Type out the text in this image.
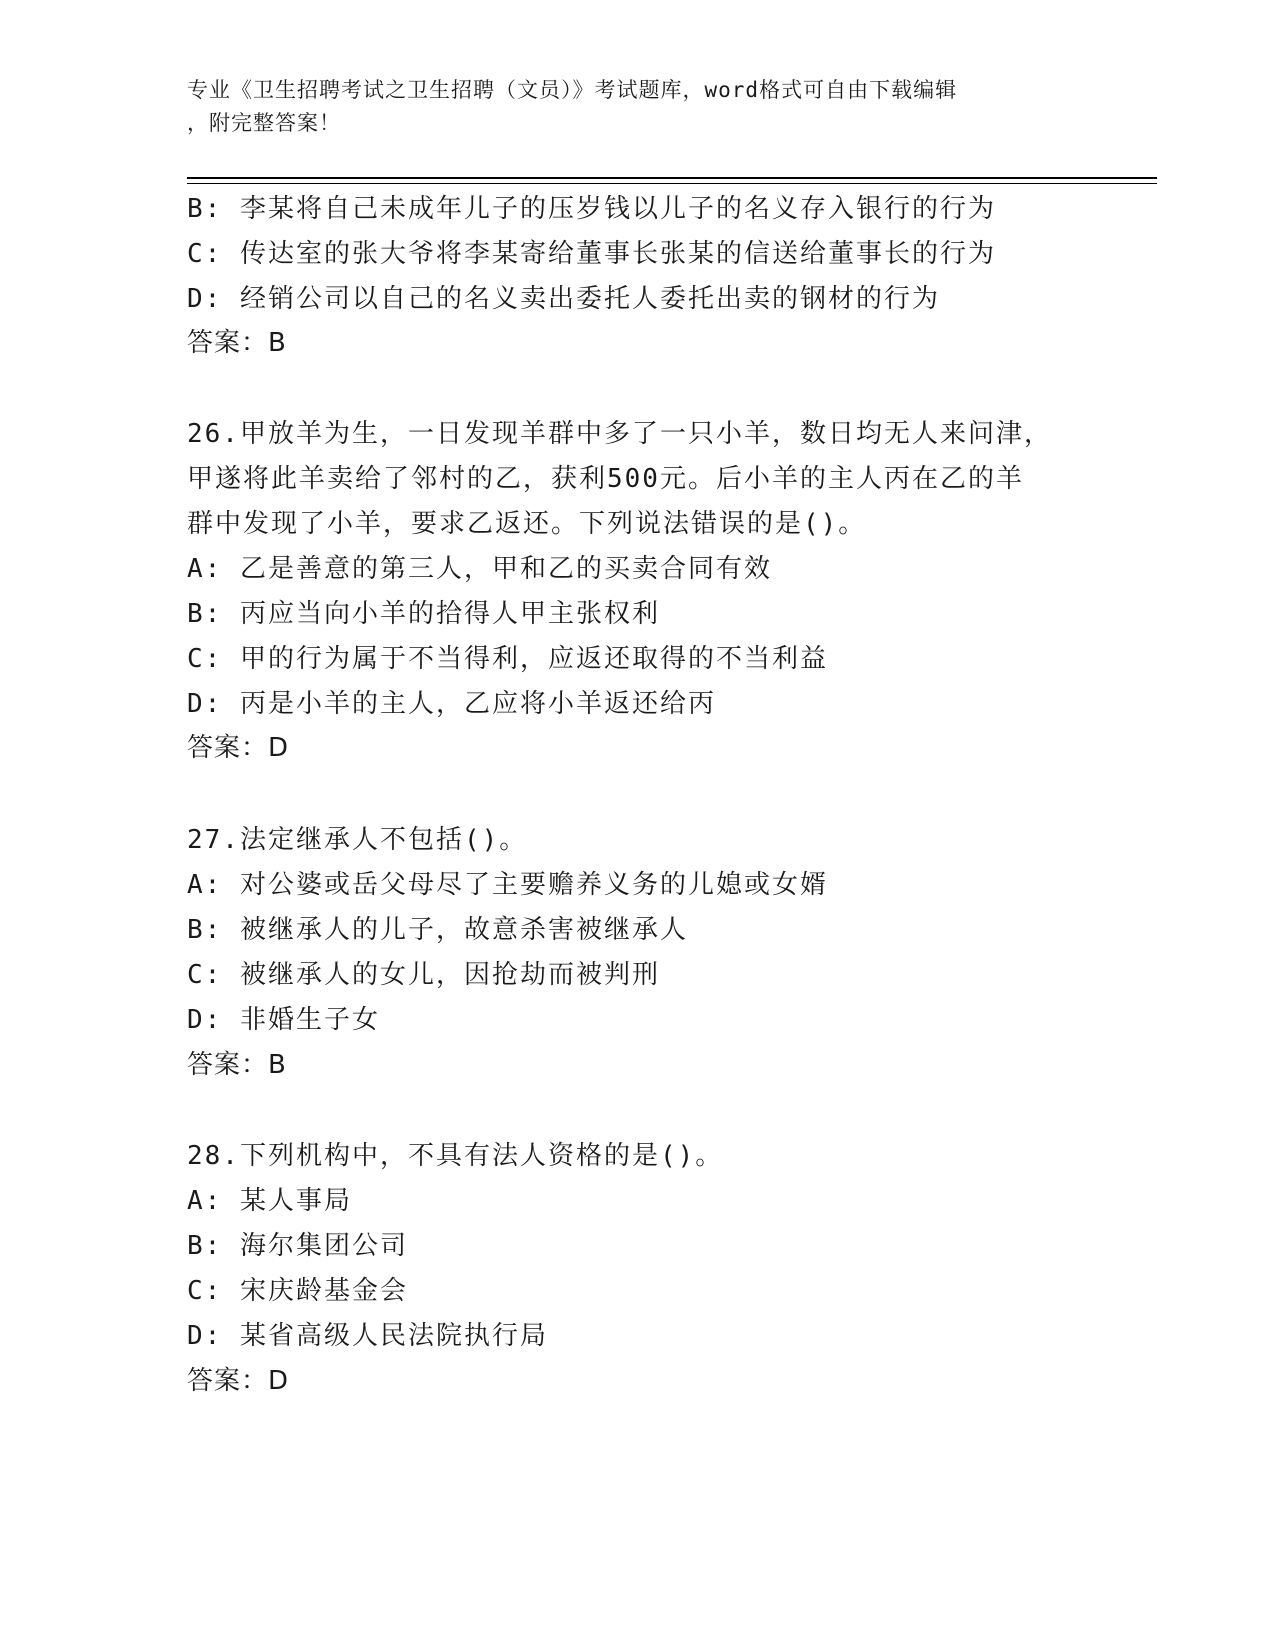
专业《卫生招聘考试之卫生招聘（文员）》考试题库，word格式可自由下载编辑
，附完整答案！
B: 李某将自己未成年儿子的压岁钱以儿子的名义存入银行的行为
C: 传达室的张大爷将李某寄给董事长张某的信送给董事长的行为
D: 经销公司以自己的名义卖出委托人委托出卖的钢材的行为
答案：B
26.甲放羊为生，一日发现羊群中多了一只小羊，数日均无人来问津，
甲遂将此羊卖给了邻村的乙，获利500元。后小羊的主人丙在乙的羊
群中发现了小羊，要求乙返还。下列说法错误的是()。
A: 乙是善意的第三人，甲和乙的买卖合同有效
B: 丙应当向小羊的拾得人甲主张权利
C: 甲的行为属于不当得利，应返还取得的不当利益
D: 丙是小羊的主人，乙应将小羊返还给丙
答案：D
27.法定继承人不包括()。
A: 对公婆或岳父母尽了主要赡养义务的儿媳或女婿
B: 被继承人的儿子，故意杀害被继承人
C: 被继承人的女儿，因抢劫而被判刑
D: 非婚生子女
答案：B
28.下列机构中，不具有法人资格的是()。
A: 某人事局
B: 海尔集团公司
C: 宋庆龄基金会
D: 某省高级人民法院执行局
答案：D
